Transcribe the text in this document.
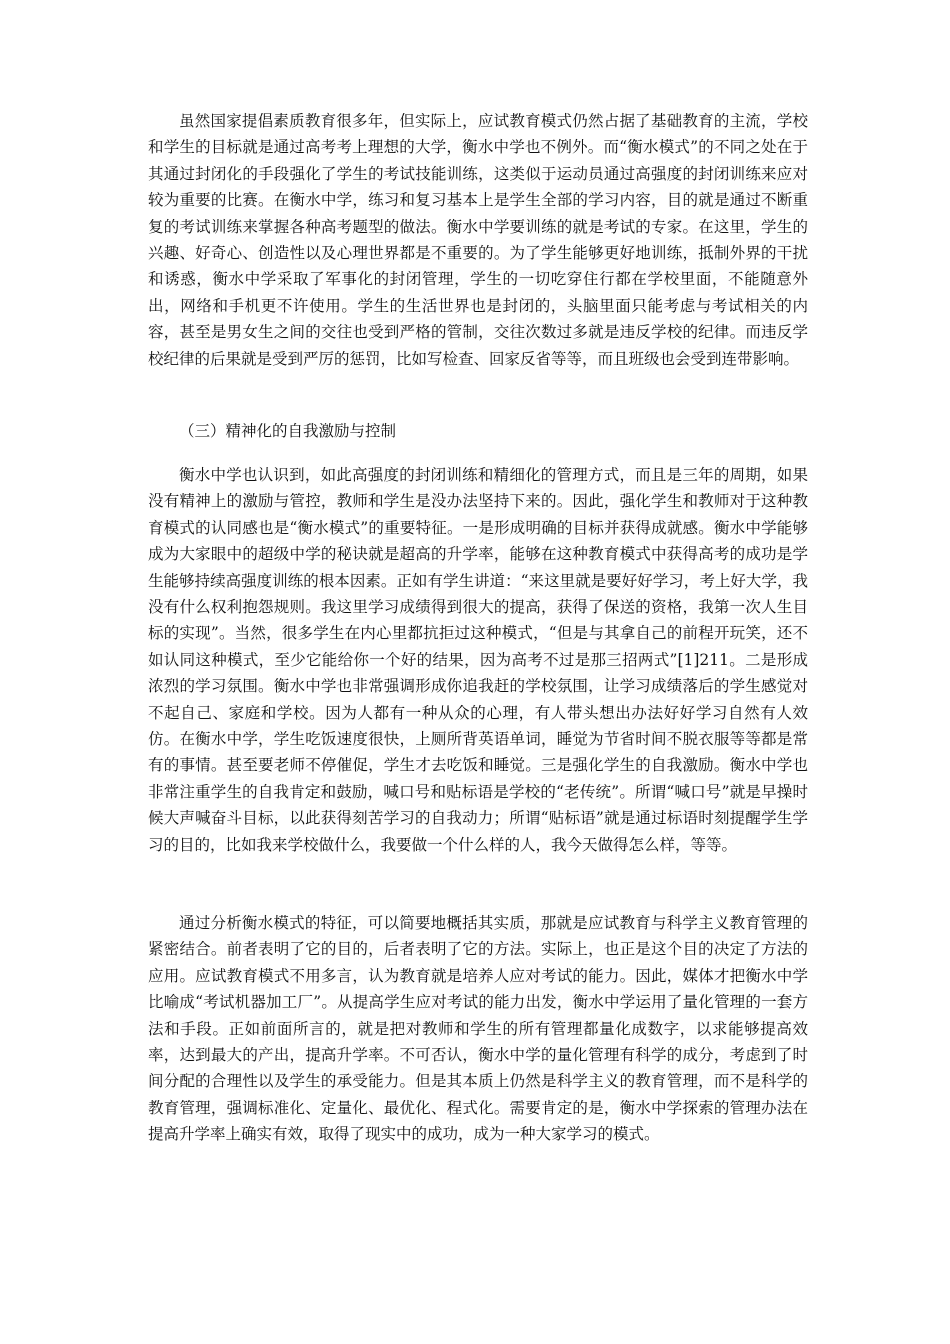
虽然国家提倡素质教育很多年，但实际上，应试教育模式仍然占据了基础教育的主流，学校和学生的目标就是通过高考考上理想的大学，衡水中学也不例外。而“衡水模式”的不同之处在于其通过封闭化的手段强化了学生的考试技能训练，这类似于运动员通过高强度的封闭训练来应对较为重要的比赛。在衡水中学，练习和复习基本上是学生全部的学习内容，目的就是通过不断重复的考试训练来掌握各种高考题型的做法。衡水中学要训练的就是考试的专家。在这里，学生的兴趣、好奇心、创造性以及心理世界都是不重要的。为了学生能够更好地训练，抵制外界的干扰和诱惑，衡水中学采取了军事化的封闭管理，学生的一切吃穿住行都在学校里面，不能随意外出，网络和手机更不许使用。学生的生活世界也是封闭的，头脑里面只能考虑与考试相关的内容，甚至是男女生之间的交往也受到严格的管制，交往次数过多就是违反学校的纪律。而违反学校纪律的后果就是受到严厉的惩罚，比如写检查、回家反省等等，而且班级也会受到连带影响。

（三）精神化的自我激励与控制

衡水中学也认识到，如此高强度的封闭训练和精细化的管理方式，而且是三年的周期，如果没有精神上的激励与管控，教师和学生是没办法坚持下来的。因此，强化学生和教师对于这种教育模式的认同感也是“衡水模式”的重要特征。一是形成明确的目标并获得成就感。衡水中学能够成为大家眼中的超级中学的秘诀就是超高的升学率，能够在这种教育模式中获得高考的成功是学生能够持续高强度训练的根本因素。正如有学生讲道：“来这里就是要好好学习，考上好大学，我没有什么权利抱怨规则。我这里学习成绩得到很大的提高，获得了保送的资格，我第一次人生目标的实现”。当然，很多学生在内心里都抗拒过这种模式，“但是与其拿自己的前程开玩笑，还不如认同这种模式，至少它能给你一个好的结果，因为高考不过是那三招两式”[1]211。二是形成浓烈的学习氛围。衡水中学也非常强调形成你追我赶的学校氛围，让学习成绩落后的学生感觉对不起自己、家庭和学校。因为人都有一种从众的心理，有人带头想出办法好好学习自然有人效仿。在衡水中学，学生吃饭速度很快，上厕所背英语单词，睡觉为节省时间不脱衣服等等都是常有的事情。甚至要老师不停催促，学生才去吃饭和睡觉。三是强化学生的自我激励。衡水中学也非常注重学生的自我肯定和鼓励，喊口号和贴标语是学校的“老传统”。所谓“喊口号”就是早操时候大声喊奋斗目标，以此获得刻苦学习的自我动力；所谓“贴标语”就是通过标语时刻提醒学生学习的目的，比如我来学校做什么，我要做一个什么样的人，我今天做得怎么样，等等。

通过分析衡水模式的特征，可以简要地概括其实质，那就是应试教育与科学主义教育管理的紧密结合。前者表明了它的目的，后者表明了它的方法。实际上，也正是这个目的决定了方法的应用。应试教育模式不用多言，认为教育就是培养人应对考试的能力。因此，媒体才把衡水中学比喻成“考试机器加工厂”。从提高学生应对考试的能力出发，衡水中学运用了量化管理的一套方法和手段。正如前面所言的，就是把对教师和学生的所有管理都量化成数字，以求能够提高效率，达到最大的产出，提高升学率。不可否认，衡水中学的量化管理有科学的成分，考虑到了时间分配的合理性以及学生的承受能力。但是其本质上仍然是科学主义的教育管理，而不是科学的教育管理，强调标准化、定量化、最优化、程式化。需要肯定的是，衡水中学探索的管理办法在提高升学率上确实有效，取得了现实中的成功，成为一种大家学习的模式。
